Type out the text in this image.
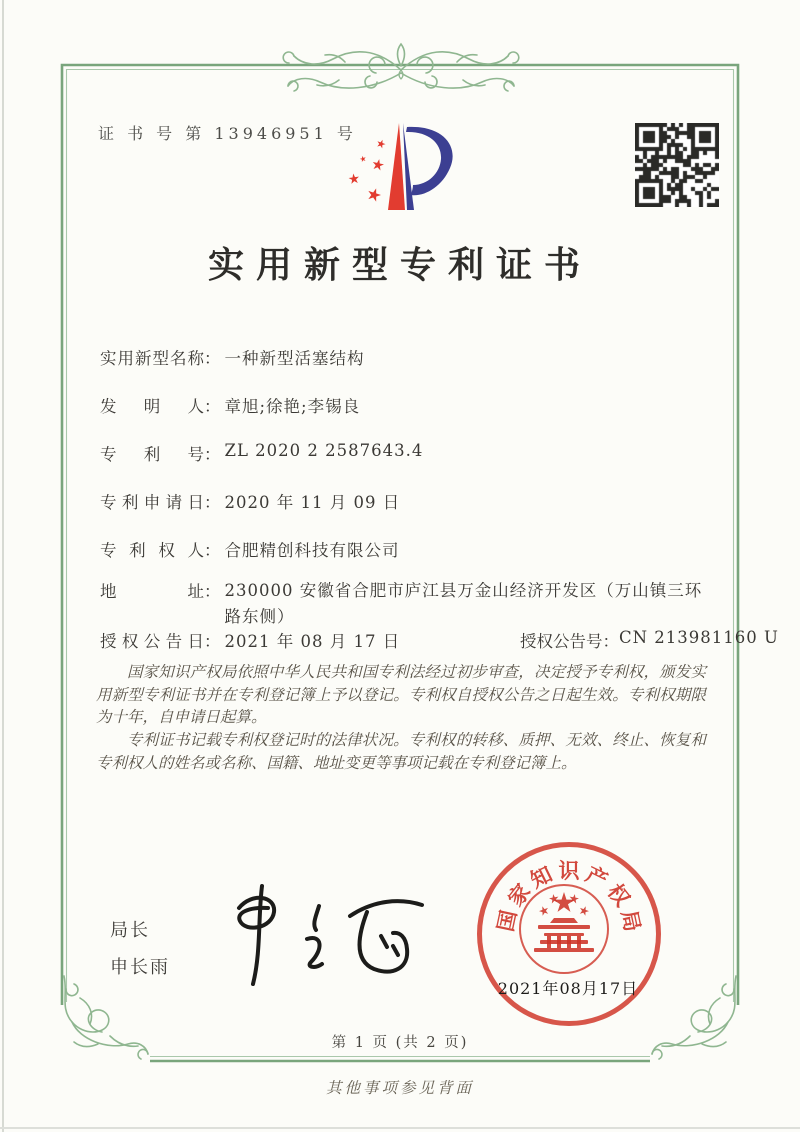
证 书 号 第 13946951 号
实用新型专利证书
实用新型名称： 一种新型活塞结构
发明人： 章旭;徐艳;李锡良
专利号： ZL 2020 2 2587643.4
专利申请日： 2020 年 11 月 09 日
专利权人： 合肥精创科技有限公司
地址： 230000 安徽省合肥市庐江县万金山经济开发区（万山镇三环路东侧）
授权公告日： 2021 年 08 月 17 日	授权公告号：CN 213981160 U

国家知识产权局依照中华人民共和国专利法经过初步审查，决定授予专利权，颁发实用新型专利证书并在专利登记簿上予以登记。专利权自授权公告之日起生效。专利权期限为十年，自申请日起算。

专利证书记载专利权登记时的法律状况。专利权的转移、质押、无效、终止、恢复和专利权人的姓名或名称、国籍、地址变更等事项记载在专利登记簿上。

局长
申长雨
国
家
知 识 产
权
局
2021年08月17日
第 1 页 (共 2 页)
其他事项参见背面
